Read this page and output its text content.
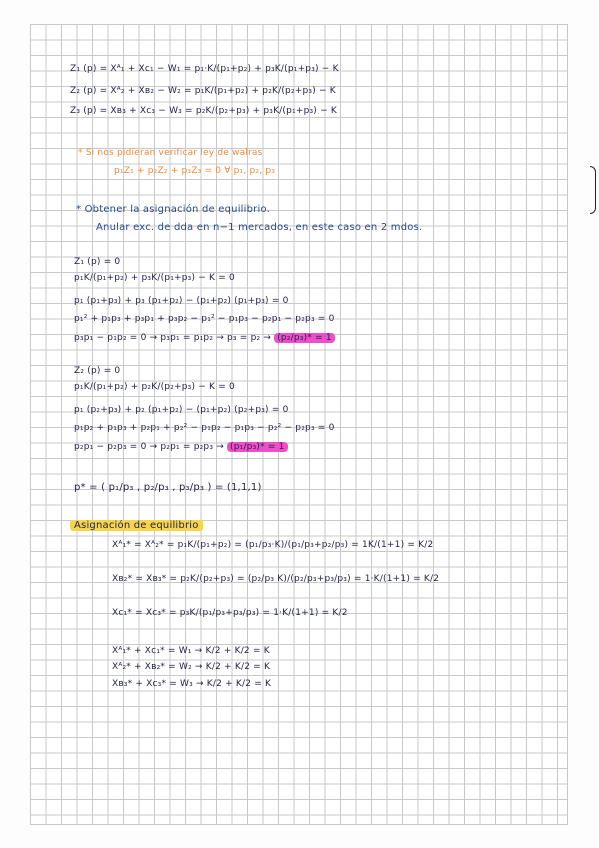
Z₁ (p) = Xᴬ₁ + Xᴄ₁ − W₁ = p₁·K/(p₁+p₂) + p₃K/(p₁+p₃) − K
Z₂ (p) = Xᴬ₂ + Xʙ₂ − W₂ = p₁K/(p₁+p₂) + p₂K/(p₂+p₃) − K
Z₃ (p) = Xʙ₃ + Xᴄ₃ − W₃ = p₂K/(p₂+p₃) + p₃K/(p₁+p₃) − K
* Si nos pidieran verificar ley de walras
p₁Z₁ + p₂Z₂ + p₃Z₃ = 0 ∀ p₁, p₂, p₃
* Obtener la asignación de equilibrio.
Anular exc. de dda en n−1 mercados, en este caso en 2 mdos.
Z₁ (p) = 0
p₁K/(p₁+p₂) + p₃K/(p₁+p₃) − K = 0
p₁ (p₁+p₃) + p₃ (p₁+p₂) − (p₁+p₂) (p₁+p₃) = 0
p₁² + p₁p₃ + p₃p₁ + p₃p₂ − p₁² − p₁p₃ − p₂p₁ − p₂p₃ = 0
p₃p₁ − p₁p₂ = 0 → p₃p₁ = p₁p₂ → p₃ = p₂ → (p₂/p₃)* = 1
Z₂ (p) = 0
p₁K/(p₁+p₂) + p₂K/(p₂+p₃) − K = 0
p₁ (p₂+p₃) + p₂ (p₁+p₂) − (p₁+p₂) (p₂+p₃) = 0
p₁p₂ + p₁p₃ + p₂p₁ + p₂² − p₁p₂ − p₁p₃ − p₂² − p₂p₃ = 0
p₂p₁ − p₂p₃ = 0 → p₂p₁ = p₂p₃ → (p₁/p₃)* = 1
p* = ( p₁/p₃ , p₂/p₃ , p₃/p₃ ) = (1,1,1)
Asignación de equilibrio
Xᴬ₁* = Xᴬ₂* = p₁K/(p₁+p₂) = (p₁/p₃·K)/(p₁/p₃+p₂/p₃) = 1K/(1+1) = K/2
Xʙ₂* = Xʙ₃* = p₂K/(p₂+p₃) = (p₂/p₃ K)/(p₂/p₃+p₃/p₃) = 1·K/(1+1) = K/2
Xᴄ₁* = Xᴄ₃* = p₃K/(p₁/p₃+p₃/p₃) = 1·K/(1+1) = K/2
Xᴬ₁* + Xᴄ₁* = W₁ → K/2 + K/2 = K
Xᴬ₂* + Xʙ₂* = W₂ → K/2 + K/2 = K
Xʙ₃* + Xᴄ₃* = W₃ → K/2 + K/2 = K
